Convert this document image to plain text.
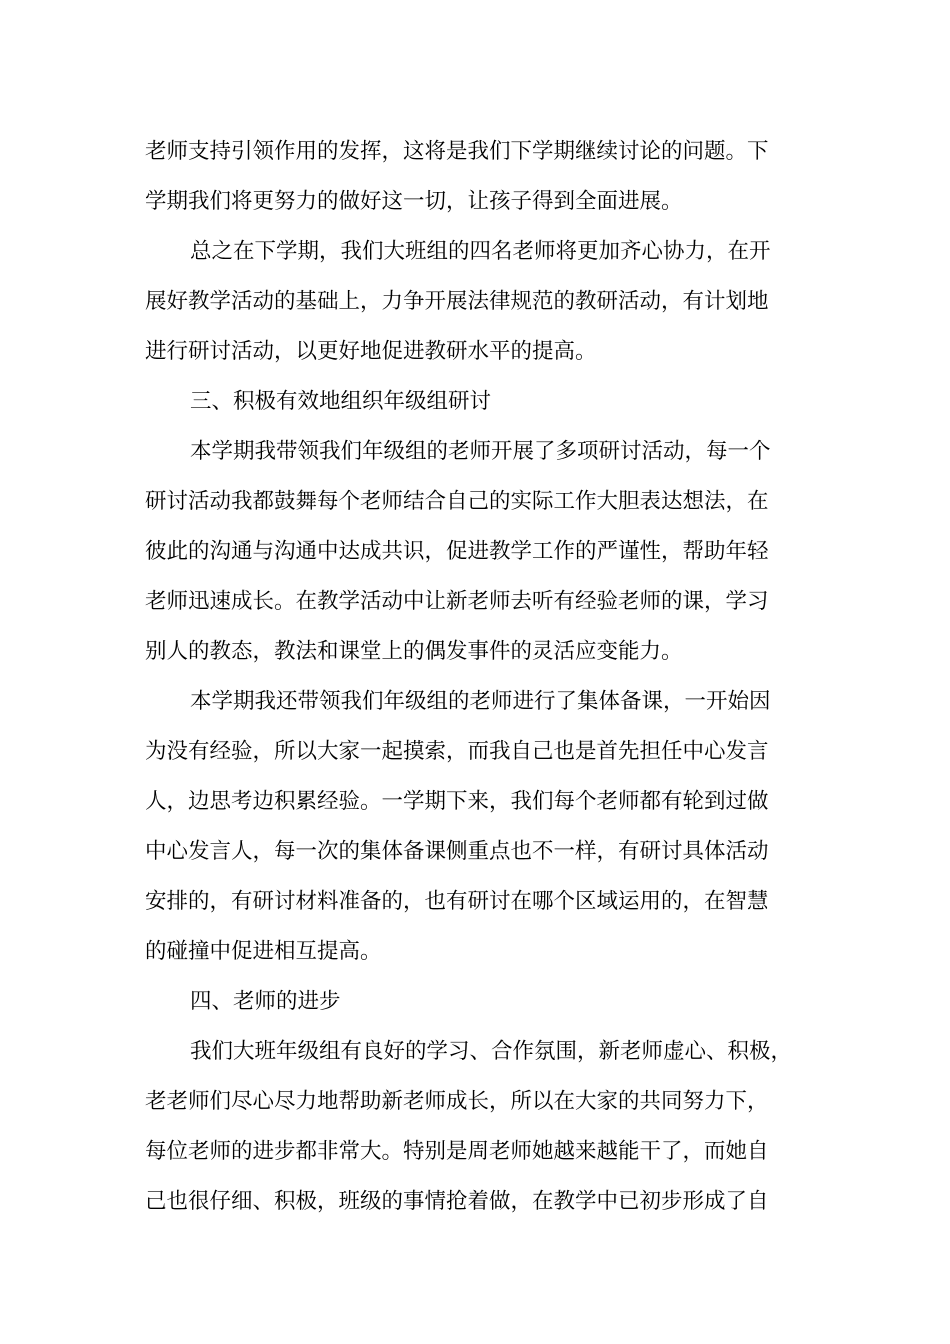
老师支持引领作用的发挥，这将是我们下学期继续讨论的问题。下

学期我们将更努力的做好这一切，让孩子得到全面进展。

总之在下学期，我们大班组的四名老师将更加齐心协力，在开

展好教学活动的基础上，力争开展法律规范的教研活动，有计划地

进行研讨活动，以更好地促进教研水平的提高。

三、积极有效地组织年级组研讨

本学期我带领我们年级组的老师开展了多项研讨活动，每一个

研讨活动我都鼓舞每个老师结合自己的实际工作大胆表达想法，在

彼此的沟通与沟通中达成共识，促进教学工作的严谨性，帮助年轻

老师迅速成长。在教学活动中让新老师去听有经验老师的课，学习

别人的教态，教法和课堂上的偶发事件的灵活应变能力。

本学期我还带领我们年级组的老师进行了集体备课，一开始因

为没有经验，所以大家一起摸索，而我自己也是首先担任中心发言

人，边思考边积累经验。一学期下来，我们每个老师都有轮到过做

中心发言人，每一次的集体备课侧重点也不一样，有研讨具体活动

安排的，有研讨材料准备的，也有研讨在哪个区域运用的，在智慧

的碰撞中促进相互提高。

四、老师的进步

我们大班年级组有良好的学习、合作氛围，新老师虚心、积极，

老老师们尽心尽力地帮助新老师成长，所以在大家的共同努力下，

每位老师的进步都非常大。特别是周老师她越来越能干了，而她自

己也很仔细、积极，班级的事情抢着做，在教学中已初步形成了自
